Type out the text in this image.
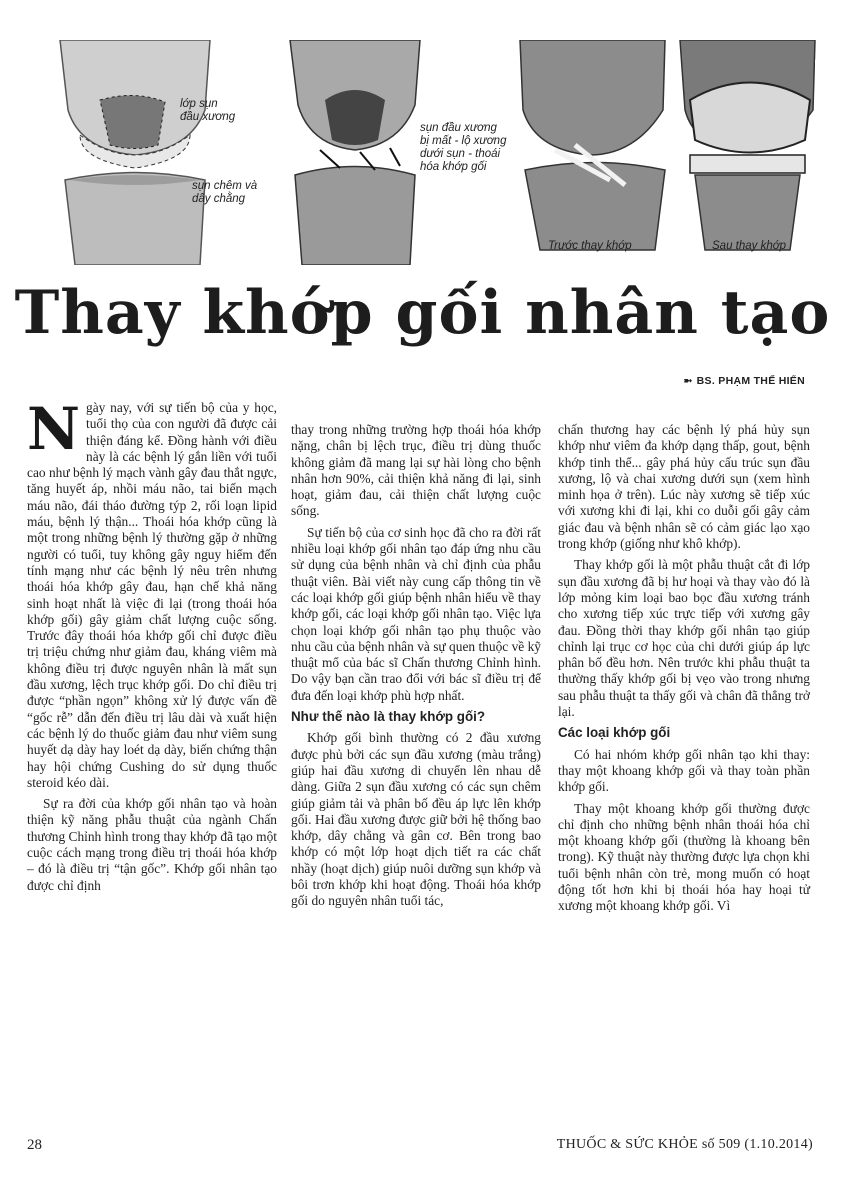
lớp sụn
đầu xương
sụn chêm và
dây chằng
sụn đầu xương
bị mất - lộ xương
dưới sụn - thoái
hóa khớp gối
Trước thay khớp	Sau thay khớp
Thay khớp gối nhân tạo
➼ BS. PHẠM THẾ HIỂN

Ngày nay, với sự tiến bộ của y học, tuổi thọ của con người đã được cải thiện đáng kể. Đồng hành với điều này là các bệnh lý gắn liền với tuổi cao như bệnh lý mạch vành gây đau thắt ngực, tăng huyết áp, nhồi máu não, tai biến mạch máu não, đái tháo đường týp 2, rối loạn lipid máu, bệnh lý thận... Thoái hóa khớp cũng là một trong những bệnh lý thường gặp ở những người có tuổi, tuy không gây nguy hiểm đến tính mạng như các bệnh lý nêu trên nhưng thoái hóa khớp gây đau, hạn chế khả năng sinh hoạt nhất là việc đi lại (trong thoái hóa khớp gối) gây giảm chất lượng cuộc sống. Trước đây thoái hóa khớp gối chỉ được điều trị triệu chứng như giảm đau, kháng viêm mà không điều trị được nguyên nhân là mất sụn đầu xương, lệch trục khớp gối. Do chỉ điều trị được “phần ngọn” không xử lý được vấn đề “gốc rễ” dẫn đến điều trị lâu dài và xuất hiện các bệnh lý do thuốc giảm đau như viêm sung huyết dạ dày hay loét dạ dày, biến chứng thận hay hội chứng Cushing do sử dụng thuốc steroid kéo dài.

Sự ra đời của khớp gối nhân tạo và hoàn thiện kỹ năng phẫu thuật của ngành Chấn thương Chỉnh hình trong thay khớp đã tạo một cuộc cách mạng trong điều trị thoái hóa khớp – đó là điều trị “tận gốc”. Khớp gối nhân tạo được chỉ định

thay trong những trường hợp thoái hóa khớp nặng, chân bị lệch trục, điều trị dùng thuốc không giảm đã mang lại sự hài lòng cho bệnh nhân hơn 90%, cải thiện khả năng đi lại, sinh hoạt, giảm đau, cải thiện chất lượng cuộc sống.

Sự tiến bộ của cơ sinh học đã cho ra đời rất nhiều loại khớp gối nhân tạo đáp ứng nhu cầu sử dụng của bệnh nhân và chỉ định của phẫu thuật viên. Bài viết này cung cấp thông tin về các loại khớp gối giúp bệnh nhân hiểu về thay khớp gối, các loại khớp gối nhân tạo. Việc lựa chọn loại khớp gối nhân tạo phụ thuộc vào nhu cầu của bệnh nhân và sự quen thuộc về kỹ thuật mổ của bác sĩ Chấn thương Chỉnh hình. Do vậy bạn cần trao đổi với bác sĩ điều trị để đưa đến loại khớp phù hợp nhất.

Như thế nào là thay khớp gối?

Khớp gối bình thường có 2 đầu xương được phủ bởi các sụn đầu xương (màu trắng) giúp hai đầu xương di chuyển lên nhau dễ dàng. Giữa 2 sụn đầu xương có các sụn chêm giúp giảm tải và phân bố đều áp lực lên khớp gối. Hai đầu xương được giữ bởi hệ thống bao khớp, dây chằng và gân cơ. Bên trong bao khớp có một lớp hoạt dịch tiết ra các chất nhầy (hoạt dịch) giúp nuôi dưỡng sụn khớp và bôi trơn khớp khi hoạt động. Thoái hóa khớp gối do nguyên nhân tuổi tác,

chấn thương hay các bệnh lý phá hủy sụn khớp như viêm đa khớp dạng thấp, gout, bệnh khớp tinh thể... gây phá hủy cấu trúc sụn đầu xương, lộ và chai xương dưới sụn (xem hình minh họa ở trên). Lúc này xương sẽ tiếp xúc với xương khi đi lại, khi co duỗi gối gây cảm giác đau và bệnh nhân sẽ có cảm giác lạo xạo trong khớp (giống như khô khớp).

Thay khớp gối là một phẫu thuật cắt đi lớp sụn đầu xương đã bị hư hoại và thay vào đó là lớp mỏng kim loại bao bọc đầu xương tránh cho xương tiếp xúc trực tiếp với xương gây đau. Đồng thời thay khớp gối nhân tạo giúp chỉnh lại trục cơ học của chi dưới giúp áp lực phân bố đều hơn. Nên trước khi phẫu thuật ta thường thấy khớp gối bị vẹo vào trong nhưng sau phẫu thuật ta thấy gối và chân đã thẳng trở lại.

Các loại khớp gối

Có hai nhóm khớp gối nhân tạo khi thay: thay một khoang khớp gối và thay toàn phần khớp gối.

Thay một khoang khớp gối thường được chỉ định cho những bệnh nhân thoái hóa chỉ một khoang khớp gối (thường là khoang bên trong). Kỹ thuật này thường được lựa chọn khi tuổi bệnh nhân còn trẻ, mong muốn có hoạt động tốt hơn khi bị thoái hóa hay hoại tử xương một khoang khớp gối. Vì

28	THUỐC & SỨC KHỎE số 509 (1.10.2014)
